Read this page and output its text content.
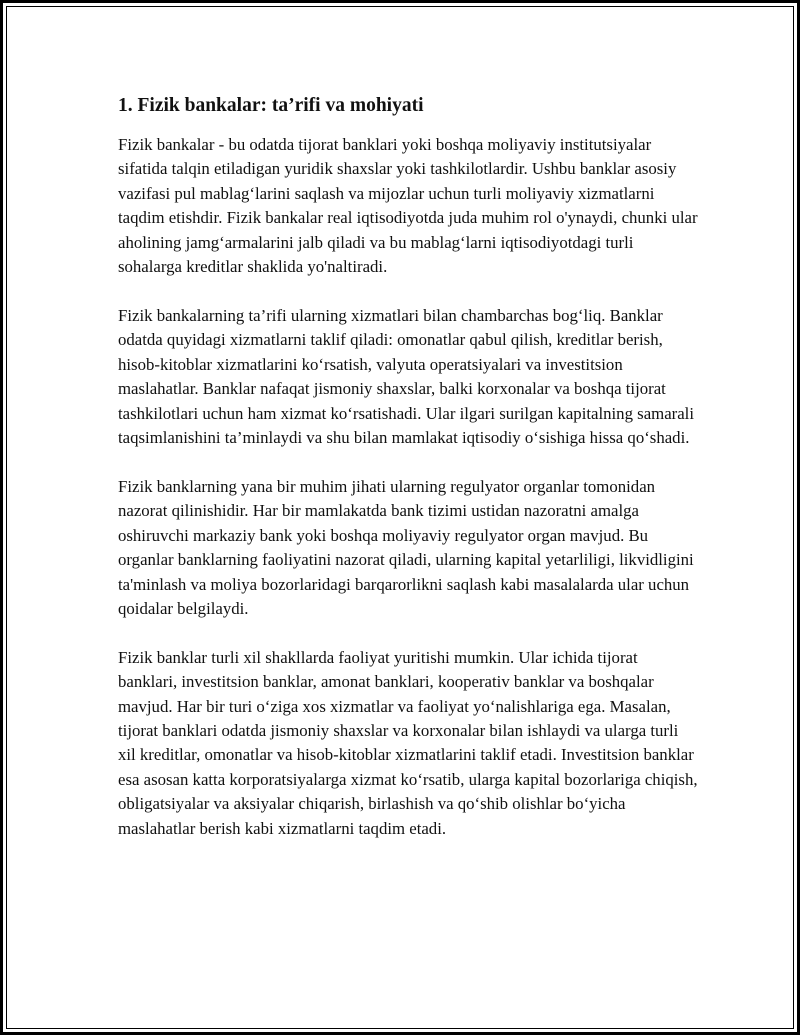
1. Fizik bankalar: ta’rifi va mohiyati

Fizik bankalar - bu odatda tijorat banklari yoki boshqa moliyaviy institutsiyalar sifatida talqin etiladigan yuridik shaxslar yoki tashkilotlardir. Ushbu banklar asosiy vazifasi pul mablag‘larini saqlash va mijozlar uchun turli moliyaviy xizmatlarni taqdim etishdir. Fizik bankalar real iqtisodiyotda juda muhim rol o'ynaydi, chunki ular aholining jamg‘armalarini jalb qiladi va bu mablag‘larni iqtisodiyotdagi turli sohalarga kreditlar shaklida yo'naltiradi.

Fizik bankalarning ta’rifi ularning xizmatlari bilan chambarchas bog‘liq. Banklar odatda quyidagi xizmatlarni taklif qiladi: omonatlar qabul qilish, kreditlar berish, hisob-kitoblar xizmatlarini ko‘rsatish, valyuta operatsiyalari va investitsion maslahatlar. Banklar nafaqat jismoniy shaxslar, balki korxonalar va boshqa tijorat tashkilotlari uchun ham xizmat ko‘rsatishadi. Ular ilgari surilgan kapitalning samarali taqsimlanishini ta’minlaydi va shu bilan mamlakat iqtisodiy o‘sishiga hissa qo‘shadi.

Fizik banklarning yana bir muhim jihati ularning regulyator organlar tomonidan nazorat qilinishidir. Har bir mamlakatda bank tizimi ustidan nazoratni amalga oshiruvchi markaziy bank yoki boshqa moliyaviy regulyator organ mavjud. Bu organlar banklarning faoliyatini nazorat qiladi, ularning kapital yetarliligi, likvidligini ta'minlash va moliya bozorlaridagi barqarorlikni saqlash kabi masalalarda ular uchun qoidalar belgilaydi.

Fizik banklar turli xil shakllarda faoliyat yuritishi mumkin. Ular ichida tijorat banklari, investitsion banklar, amonat banklari, kooperativ banklar va boshqalar mavjud. Har bir turi o‘ziga xos xizmatlar va faoliyat yo‘nalishlariga ega. Masalan, tijorat banklari odatda jismoniy shaxslar va korxonalar bilan ishlaydi va ularga turli xil kreditlar, omonatlar va hisob-kitoblar xizmatlarini taklif etadi. Investitsion banklar esa asosan katta korporatsiyalarga xizmat ko‘rsatib, ularga kapital bozorlariga chiqish, obligatsiyalar va aksiyalar chiqarish, birlashish va qo‘shib olishlar bo‘yicha maslahatlar berish kabi xizmatlarni taqdim etadi.
